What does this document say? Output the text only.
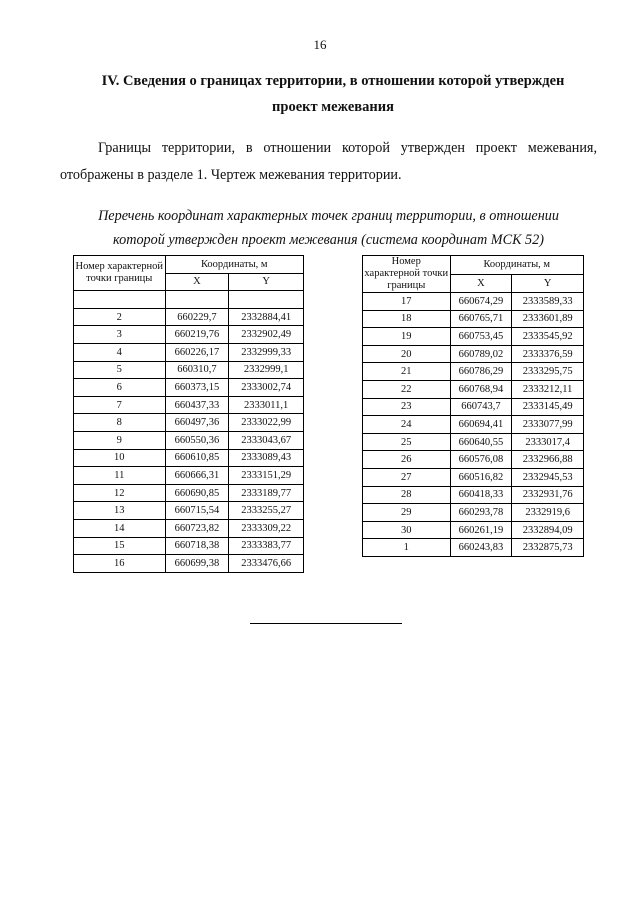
16
IV. Сведения о границах территории, в отношении которой утвержден
проект межевания
Границы территории, в отношении которой утвержден проект межевания, отображены в разделе 1. Чертеж межевания территории.
Перечень координат характерных точек границ территории, в отношении
которой утвержден проект межевания (система координат МСК 52)
Номер характерной точки границы	Координаты, м	
	X	Y

2	660229,7	2332884,41
3	660219,76	2332902,49
4	660226,17	2332999,33
5	660310,7	2332999,1
6	660373,15	2333002,74
7	660437,33	2333011,1
8	660497,36	2333022,99
9	660550,36	2333043,67
10	660610,85	2333089,43
11	660666,31	2333151,29
12	660690,85	2333189,77
13	660715,54	2333255,27
14	660723,82	2333309,22
15	660718,38	2333383,77
16	660699,38	2333476,66
Номер характерной точки границы	Координаты, м	
	X	Y
17	660674,29	2333589,33
18	660765,71	2333601,89
19	660753,45	2333545,92
20	660789,02	2333376,59
21	660786,29	2333295,75
22	660768,94	2333212,11
23	660743,7	2333145,49
24	660694,41	2333077,99
25	660640,55	2333017,4
26	660576,08	2332966,88
27	660516,82	2332945,53
28	660418,33	2332931,76
29	660293,78	2332919,6
30	660261,19	2332894,09
1	660243,83	2332875,73
